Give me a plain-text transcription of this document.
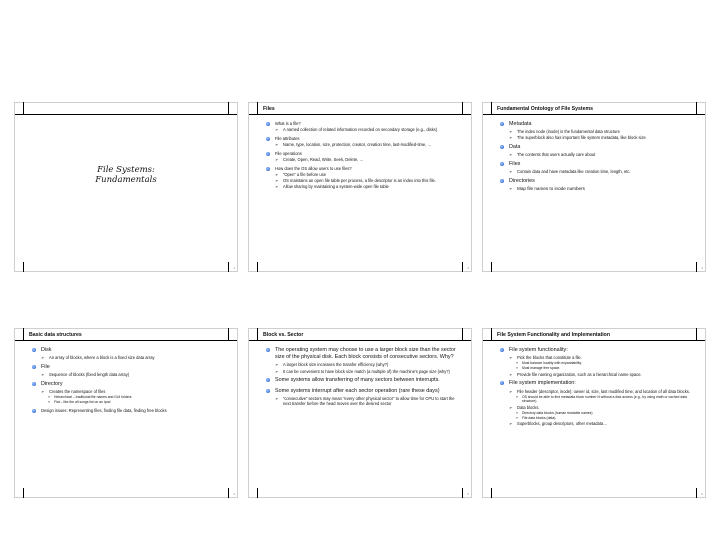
File Systems:
Fundamentals
1
Files
What is a file?
➢ A named collection of related information recorded on secondary storage (e.g., disks)
File attributes
➢ Name, type, location, size, protection, creator, creation time, last-modified-time, …
File operations
➢ Create, Open, Read, Write, Seek, Delete, …
How does the OS allow users to use files?
➢ “Open” a file before use
➢ OS maintains an open file table per process, a file descriptor is an index into this file.
➢ Allow sharing by maintaining a system-wide open file table
2
Fundamental Ontology of File Systems
Metadata
➢ The index node (inode) is the fundamental data structure
➢ The superblock also has important file system metadata, like block size
Data
➢ The contents that users actually care about
Files
➢ Contain data and have metadata like creation time, length, etc.
Directories
➢ Map file names to inode numbers
3
Basic data structures
Disk
➢ An array of blocks, where a block is a fixed size data array
File
➢ Sequence of blocks (fixed length data array)
Directory
➢ Creates the namespace of files
» Heirarchical – traditional file names and GUI folders
» Flat – like the all songs list on an ipod
Design issues: Representing files, finding file data, finding free blocks
4
Block vs. Sector
The operating system may choose to use a larger block size than the sector size of the physical disk. Each block consists of consecutive sectors. Why?
➢ A larger block size increases the transfer efficiency (why?)
➢ It can be convenient to have block size match (a multiple of) the machine's page size (why?)
Some systems allow transferring of many sectors between interrupts.
Some systems interrupt after each sector operation (rare these days)
➢ “consecutive” sectors may mean “every other physical sector” to allow time for CPU to start the next transfer before the head moves over the desired sector
5
File System Functionality and Implementation
File system functionality:
➢ Pick the blocks that constitute a file.
» Must balance locality with expandability.
» Must manage free space.
➢ Provide file naming organization, such as a hierarchical name space.
File system implementation:
➢ File header (descriptor, inode): owner id, size, last modified time, and location of all data blocks.
» OS should be able to find metadata block number N without a disk access (e.g., by using math or cached data structure).
➢ Data blocks.
» Directory data blocks (human readable names)
» File data blocks (data).
➢ Superblocks, group descriptors, other metadata…
6
